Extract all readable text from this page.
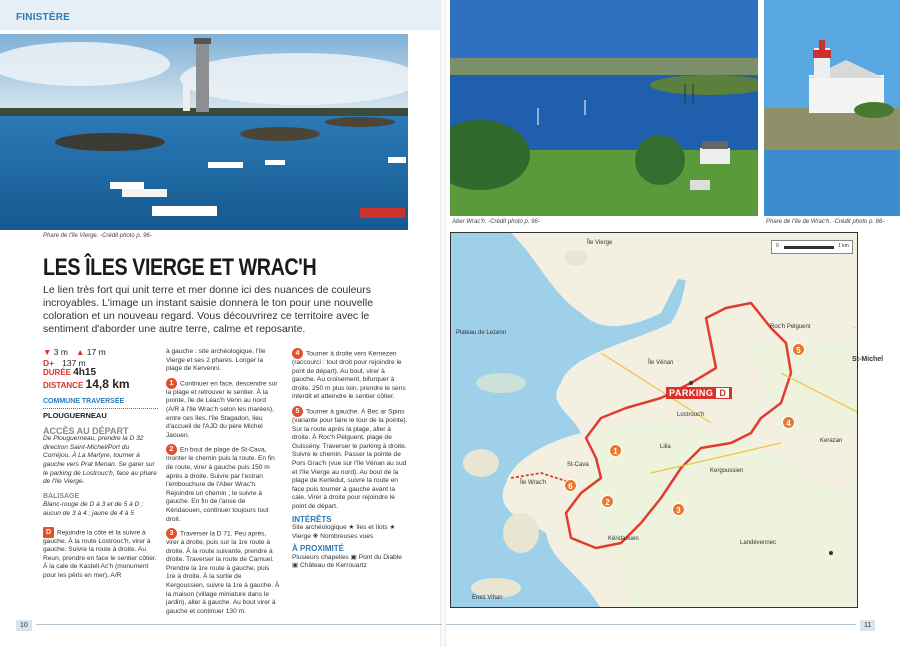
FINISTÈRE
Phare de l'île Vierge. -Crédit photo p. 96-
LES ÎLES VIERGE ET WRAC'H
Le lien très fort qui unit terre et mer donne ici des nuances de couleurs incroyables. L'image un instant saisie donnera le ton pour une nouvelle coloration et un nouveau regard. Vous découvrirez ce territoire avec le sentiment d'aborder une autre terre, calme et reposante.
▼ 3 m ▲ 17 m
D+ 137 m
DURÉE 4h15
DISTANCE 14,8 km
COMMUNE TRAVERSÉE
PLOUGUERNEAU
ACCÈS AU DÉPART
De Plouguerneau, prendre la D 32 direction Saint-Michel/Port du Corréjou. À La Martyre, tourner à gauche vers Prat Menan. Se garer sur le parking de Lostrouc'h, face au phare de l'île Vierge.
BALISAGE
Blanc-rouge de D à 3 et de 5 à D ; aucun de 3 à 4 ; jaune de 4 à 5
D Rejoindre la côte et la suivre à gauche. À la route Lostrouc'h, virer à gauche. Suivre la route à droite. Au Reun, prendre en face le sentier côtier. À la cale de Kastell Ac'h (monument pour les péris en mer), A/R
à gauche : site archéologique, l'île Vierge et ses 2 phares. Longer la plage de Kervenni.
1 Continuer en face, descendre sur la plage et retrouver le sentier. À la pointe, île de Léac'h Venn au nord (A/R à l'île Wrac'h selon les marées), entre ces îles, l'île Stagadon, lieu d'accueil de l'AJD du père Michel Jaouen.
2 En bout de plage de St-Cava, monter le chemin puis la route. En fin de route, virer à gauche puis 150 m après à droite. Suivre par l'estran l'embouchure de l'Aber Wrac'h. Rejoindre un chemin ; le suivre à gauche. En fin de l'anse de Kéridaouen, continuer toujours tout droit.
3 Traverser la D 71. Peu après, virer à droite, puis sur la 1re route à droite. À la route suivante, prendre à droite. Traverser la route de Carnuel. Prendre la 1re route à gauche, puis 1re à droite. À la sortie de Kergoussien, suivre la 1re à gauche. À la maison (village miniature dans le jardin), aller à gauche. Au bout virer à gauche et continuer 130 m.
4 Tourner à droite vers Kernezen (raccourci : tout droit pour rejoindre le pont de départ). Au bout, virer à gauche. Au croisement, bifurquer à droite. 250 m plus loin, prendre le sens interdit et atteindre le sentier côtier.
5 Tourner à gauche. À Bec ar Spins (variante pour faire le tour de la pointe). Sur la route après la plage, aller à droite. À Roc'h Pelguent, plage de Guissény. Traverser le parking à droite. Suivre le chemin. Passer la pointe de Pors Grac'h (vue sur l'île Vénan au sud et l'île Vierge au nord). Au bout de la plage de Kerlédut, suivre la route en face puis tourner à gauche avant la cale. Virer à droite pour rejoindre le point de départ.
INTÉRÊTS
Site archéologique ★ îles et îlots ★ Vierge ❋ Nombreuses vues
À PROXIMITÉ
Plusieurs chapelles ▣ Pont du Diable ▣ Château de Kerrouartz
Aber Wrac'h. -Crédit photo p. 96-	Phare de l'île de Wrac'h. -Crédit photo p. 86-
0	1 km
PARKING D
1
2
3
4
5
6
Île Vierge
St-Michel
Kéridaouen
Lostrouc'h
Kergoussien
Kerazan
Île Vénan
Lilia
Roc'h Pelguent
Landévennec
St-Cava
Plateau de Lezenn
Île Wrac'h
Enez Vihan
10	11
